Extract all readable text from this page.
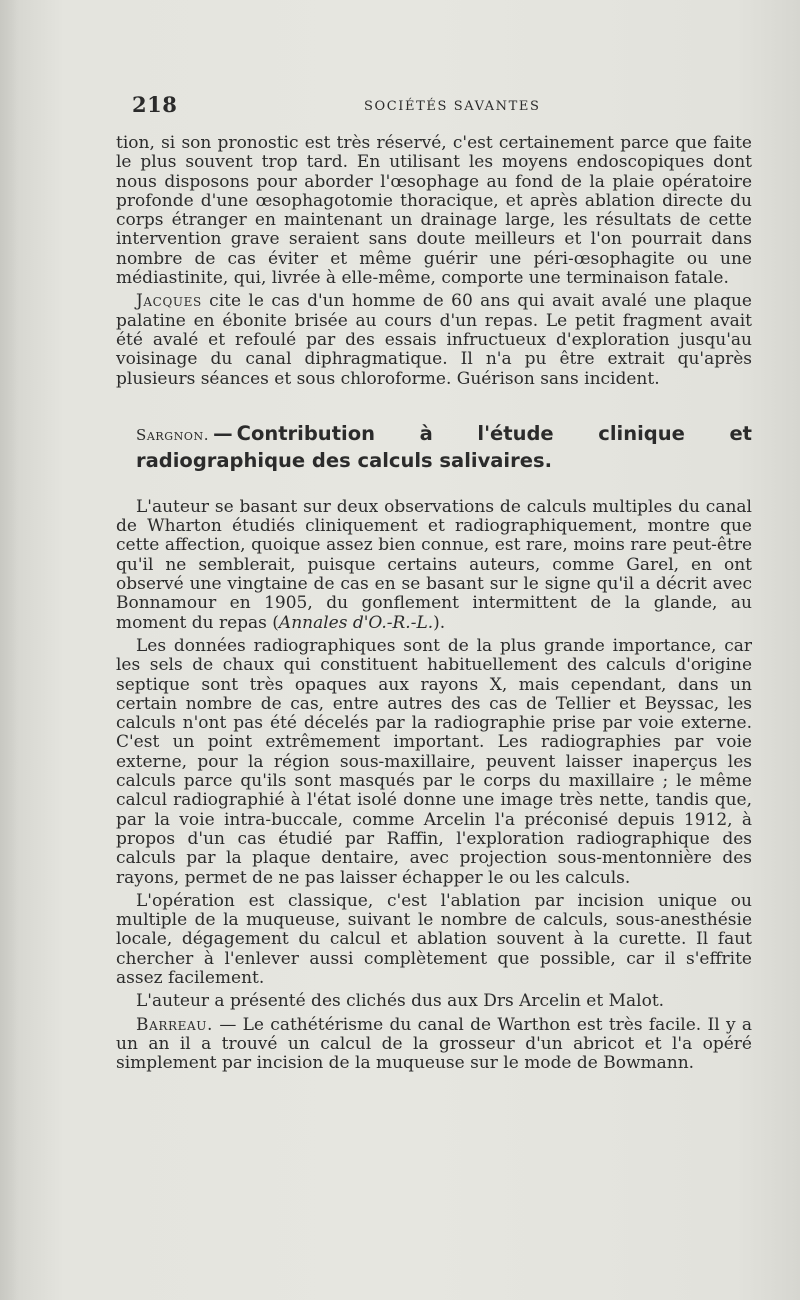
218	SOCIÉTÉS SAVANTES

tion, si son pronostic est très réservé, c'est certainement parce que faite le plus souvent trop tard. En utilisant les moyens endoscopiques dont nous disposons pour aborder l'œsophage au fond de la plaie opératoire profonde d'une œsophagotomie thoracique, et après ablation directe du corps étranger en maintenant un drainage large, les résultats de cette intervention grave seraient sans doute meilleurs et l'on pourrait dans nombre de cas éviter et même guérir une péri-œsophagite ou une médiastinite, qui, livrée à elle-même, comporte une terminaison fatale.

Jacques cite le cas d'un homme de 60 ans qui avait avalé une plaque palatine en ébonite brisée au cours d'un repas. Le petit fragment avait été avalé et refoulé par des essais infructueux d'exploration jusqu'au voisinage du canal diphragmatique. Il n'a pu être extrait qu'après plusieurs séances et sous chloroforme. Guérison sans incident.

Sargnon. — Contribution à l'étude clinique et radiographique des calculs salivaires.

L'auteur se basant sur deux observations de calculs multiples du canal de Wharton étudiés cliniquement et radiographiquement, montre que cette affection, quoique assez bien connue, est rare, moins rare peut-être qu'il ne semblerait, puisque certains auteurs, comme Garel, en ont observé une vingtaine de cas en se basant sur le signe qu'il a décrit avec Bonnamour en 1905, du gonflement intermittent de la glande, au moment du repas (Annales d'O.-R.-L.).

Les données radiographiques sont de la plus grande importance, car les sels de chaux qui constituent habituellement des calculs d'origine septique sont très opaques aux rayons X, mais cependant, dans un certain nombre de cas, entre autres des cas de Tellier et Beyssac, les calculs n'ont pas été décelés par la radiographie prise par voie externe. C'est un point extrêmement important. Les radiographies par voie externe, pour la région sous-maxillaire, peuvent laisser inaperçus les calculs parce qu'ils sont masqués par le corps du maxillaire ; le même calcul radiographié à l'état isolé donne une image très nette, tandis que, par la voie intra-buccale, comme Arcelin l'a préconisé depuis 1912, à propos d'un cas étudié par Raffin, l'exploration radiographique des calculs par la plaque dentaire, avec projection sous-mentonnière des rayons, permet de ne pas laisser échapper le ou les calculs.

L'opération est classique, c'est l'ablation par incision unique ou multiple de la muqueuse, suivant le nombre de calculs, sous-anesthésie locale, dégagement du calcul et ablation souvent à la curette. Il faut chercher à l'enlever aussi complètement que possible, car il s'effrite assez facilement.

L'auteur a présenté des clichés dus aux Drs Arcelin et Malot.

Barreau. — Le cathétérisme du canal de Warthon est très facile. Il y a un an il a trouvé un calcul de la grosseur d'un abricot et l'a opéré simplement par incision de la muqueuse sur le mode de Bowmann.
